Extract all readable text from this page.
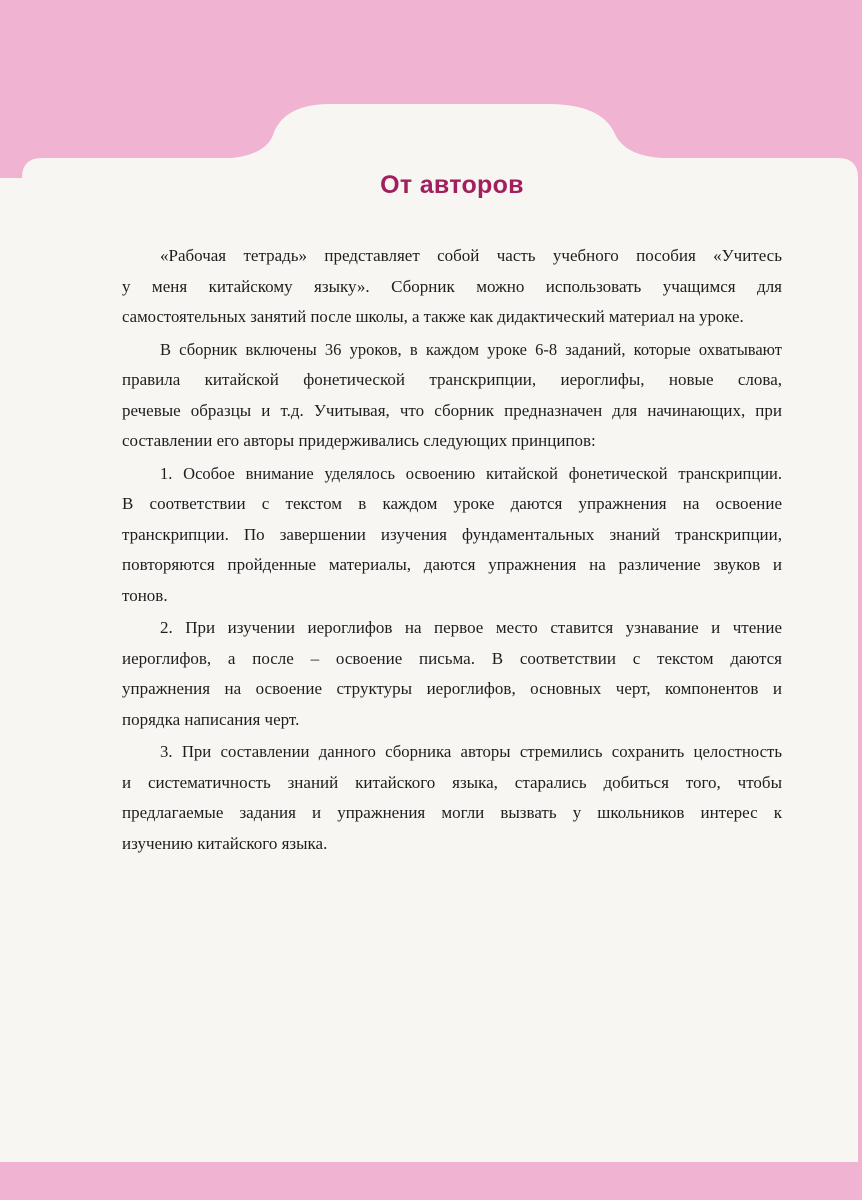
От авторов

«Рабочая тетрадь» представляет собой часть учебного пособия «Учитесь
у меня китайскому языку». Сборник можно использовать учащимся для
самостоятельных занятий после школы, а также как дидактический материал на уроке.

В сборник включены 36 уроков, в каждом уроке 6-8 заданий, которые охватывают
правила китайской фонетической транскрипции, иероглифы, новые слова,
речевые образцы и т.д. Учитывая, что сборник предназначен для начинающих, при
составлении его авторы придерживались следующих принципов:

1. Особое внимание уделялось освоению китайской фонетической транскрипции.
В соответствии с текстом в каждом уроке даются упражнения на освоение
транскрипции. По завершении изучения фундаментальных знаний транскрипции,
повторяются пройденные материалы, даются упражнения на различение звуков и
тонов.

2. При изучении иероглифов на первое место ставится узнавание и чтение
иероглифов, а после – освоение письма. В соответствии с текстом даются
упражнения на освоение структуры иероглифов, основных черт, компонентов и
порядка написания черт.

3. При составлении данного сборника авторы стремились сохранить целостность
и систематичность знаний китайского языка, старались добиться того, чтобы
предлагаемые задания и упражнения могли вызвать у школьников интерес к
изучению китайского языка.
